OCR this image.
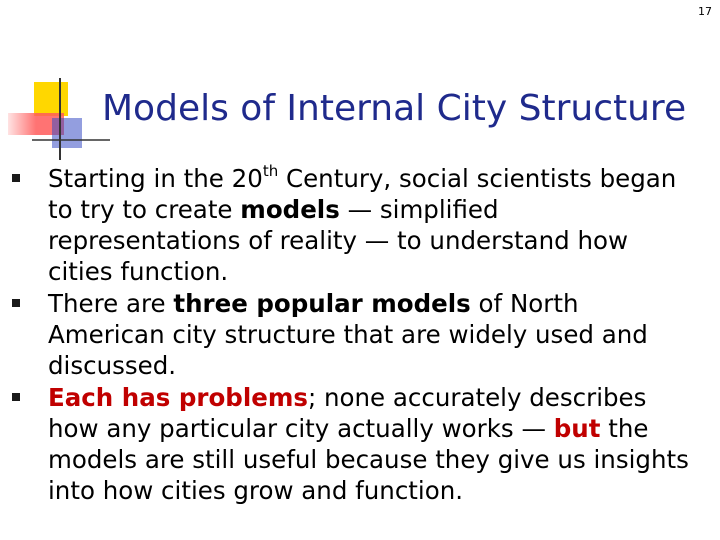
17
Models of Internal City Structure
Starting in the 20th Century, social scientists began to try to create models — simplified representations of reality — to understand how cities function.
There are three popular models of North American city structure that are widely used and discussed.
Each has problems; none accurately describes how any particular city actually works — but the models are still useful because they give us insights into how cities grow and function.
